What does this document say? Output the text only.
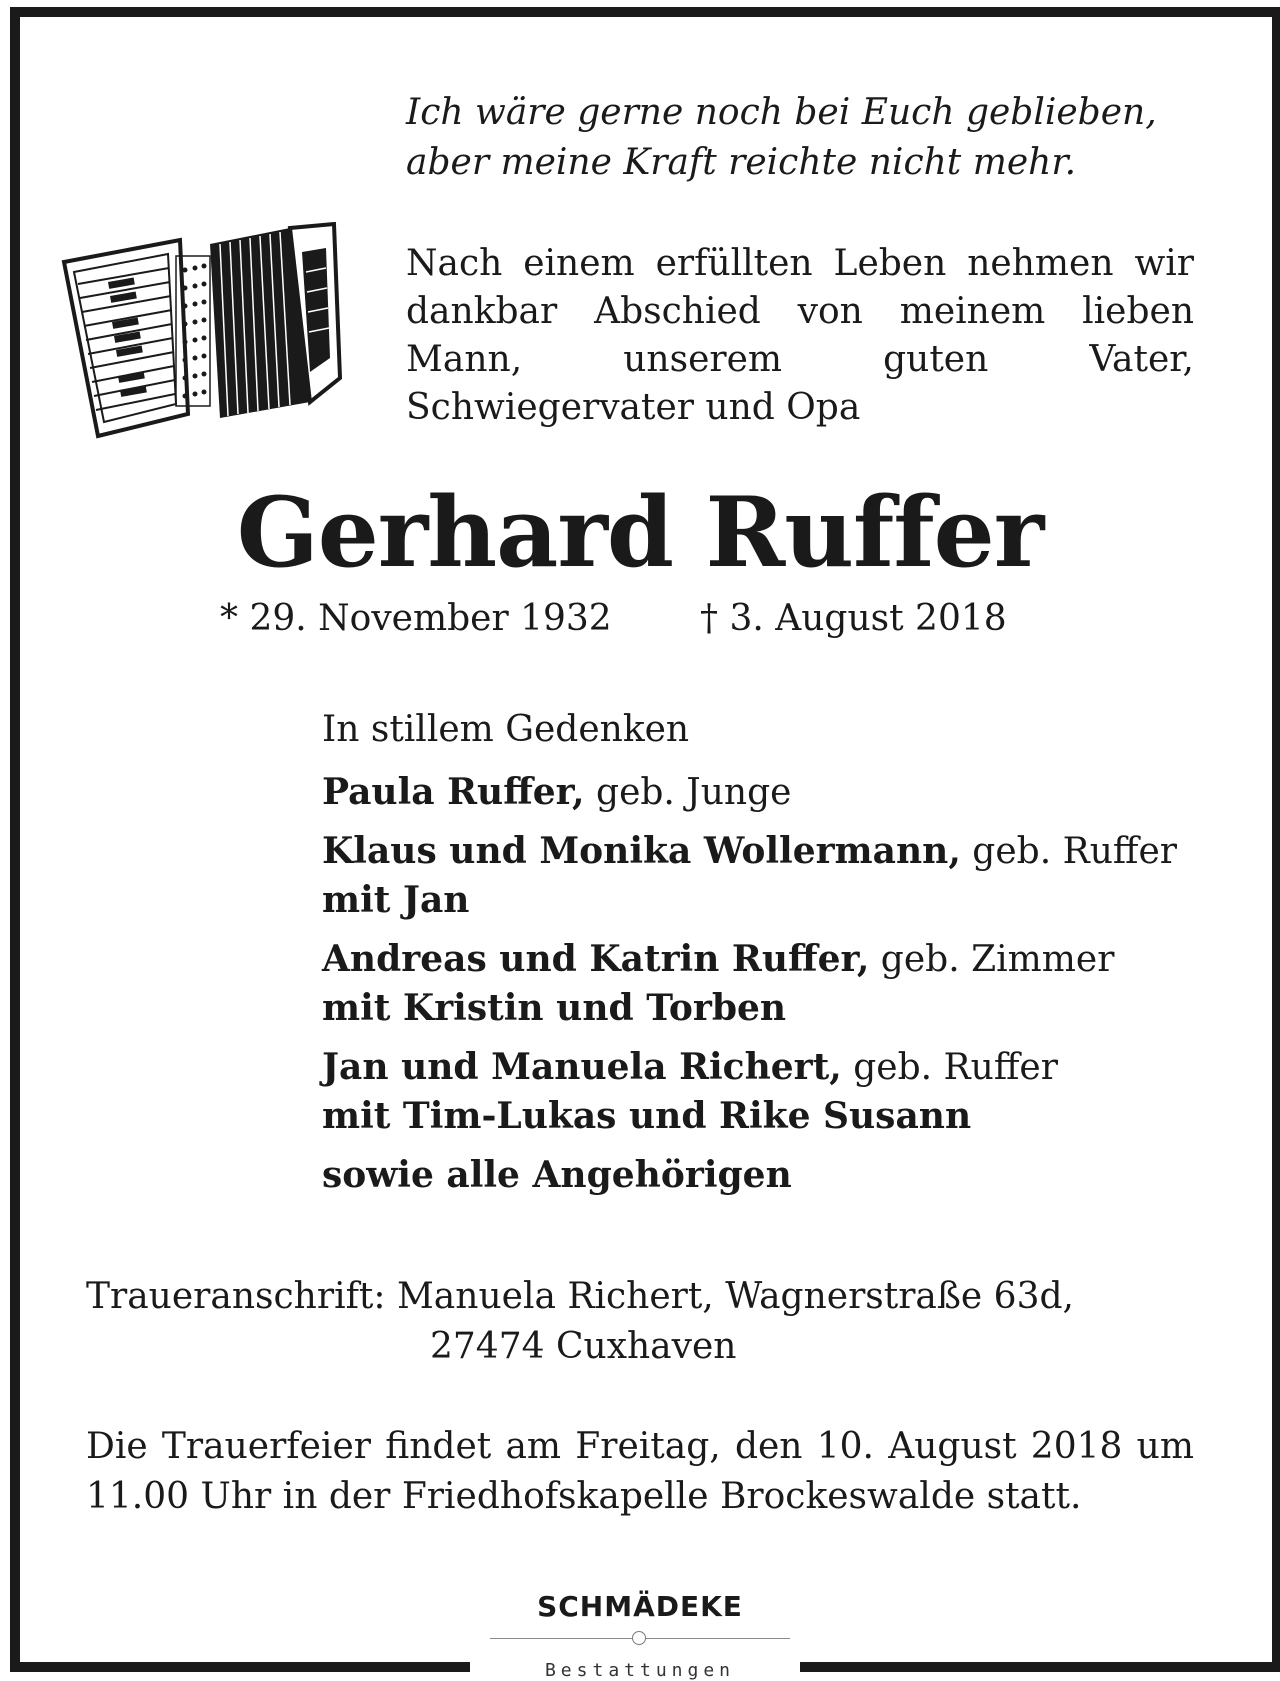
Ich wäre gerne noch bei Euch geblieben,
aber meine Kraft reichte nicht mehr.
Nach einem erfüllten Leben nehmen wir dankbar Abschied von meinem lieben Mann, unserem guten Vater, Schwiegervater und Opa
Gerhard Ruffer
* 29. November 1932 † 3. August 2018
In stillem Gedenken
Paula Ruffer, geb. Junge
Klaus und Monika Wollermann, geb. Ruffer
mit Jan
Andreas und Katrin Ruffer, geb. Zimmer
mit Kristin und Torben
Jan und Manuela Richert, geb. Ruffer
mit Tim-Lukas und Rike Susann
sowie alle Angehörigen
Traueranschrift: Manuela Richert, Wagnerstraße 63d,
27474 Cuxhaven
Die Trauerfeier findet am Freitag, den 10. August 2018 um 11.00 Uhr in der Friedhofskapelle Brockeswalde statt.
SCHMÄDEKE
Bestattungen
